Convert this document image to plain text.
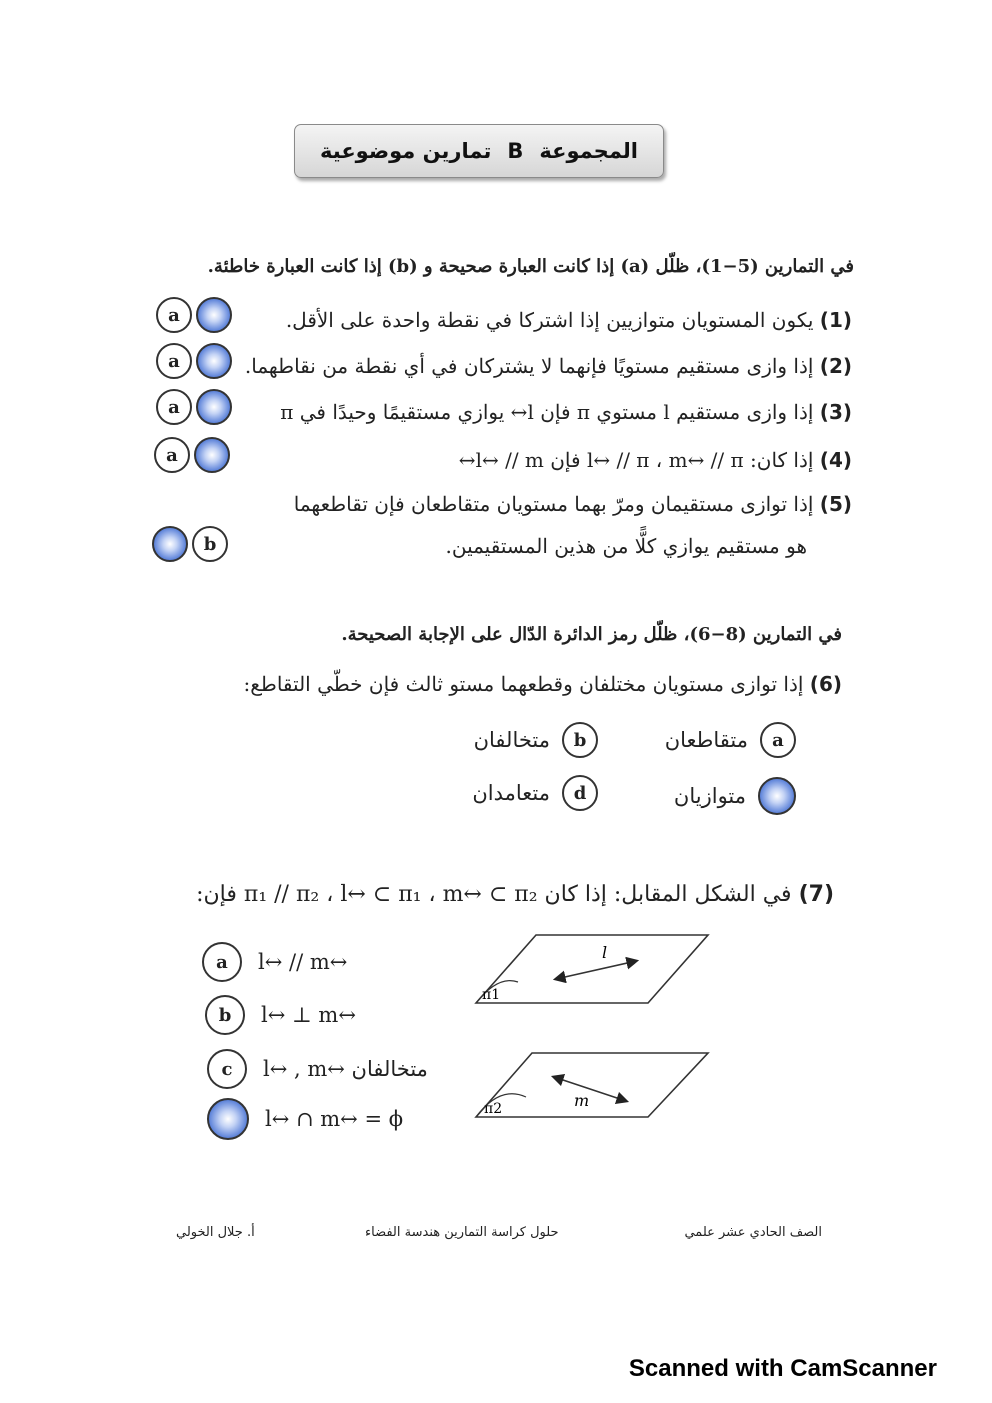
المجموعة
B
تمارين موضوعية
في التمارين (5−1)، ظلّل (a) إذا كانت العبارة صحيحة و (b) إذا كانت العبارة خاطئة.
(1) يكون المستويان متوازيين إذا اشتركا في نقطة واحدة على الأقل.
a
(2) إذا وازى مستقيم مستويًا فإنهما لا يشتركان في أي نقطة من نقاطهما.
a
(3) إذا وازى مستقيم l مستوي π فإن l↔ يوازي مستقيمًا وحيدًا في π
a
(4) إذا كان: l↔ // π ، m↔ // π فإن l↔ // m↔
a
(5) إذا توازى مستقيمان ومرّ بهما مستويان متقاطعان فإن تقاطعهما
هو مستقيم يوازي كلًّا من هذين المستقيمين.
b
في التمارين (8−6)، ظلّل رمز الدائرة الدّال على الإجابة الصحيحة.
(6) إذا توازى مستويان مختلفان وقطعهما مستو ثالث فإن خطّي التقاطع:
a
متقاطعان
b
متخالفان
متوازيان
d
متعامدان
(7) في الشكل المقابل: إذا كان π₁ // π₂ ، l↔ ⊂ π₁ ، m↔ ⊂ π₂ فإن:
a	l↔ // m↔
b	l↔ ⊥ m↔
c	l↔ , m↔ متخالفان
l↔ ∩ m↔ = ϕ
π1
l
π2	m
الصف الحادي عشر علمي
حلول كراسة التمارين هندسة الفضاء
أ. جلال الخولي
Scanned with CamScanner
